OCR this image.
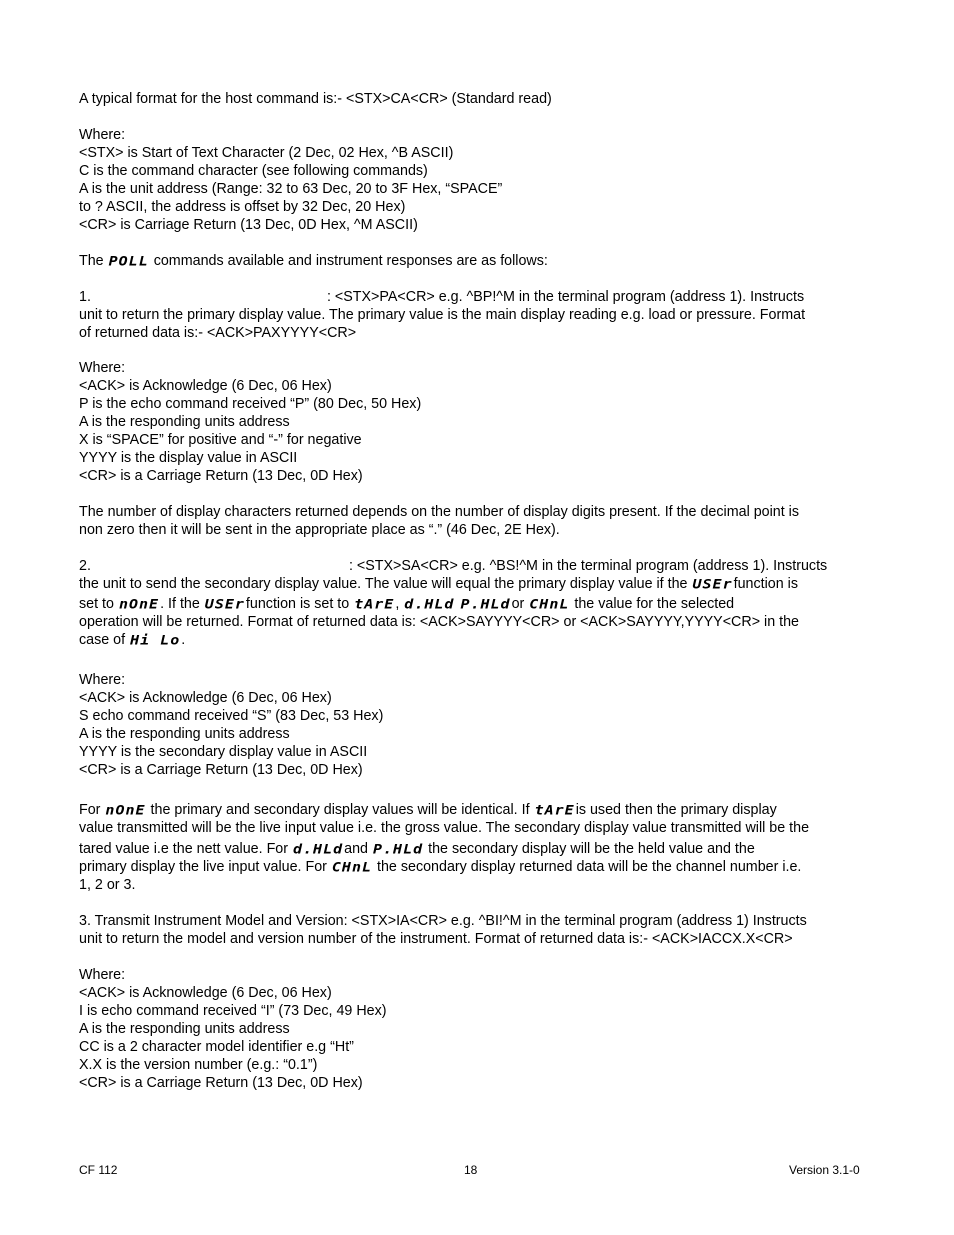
A typical format for the host command is:- <STX>CA<CR> (Standard read)
Where:
<STX> is Start of Text Character (2 Dec, 02 Hex, ^B ASCII)
C is the command character (see following commands)
A is the unit address (Range: 32 to 63 Dec, 20 to 3F Hex, “SPACE”
to ? ASCII, the address is offset by 32 Dec, 20 Hex)
<CR> is Carriage Return (13 Dec, 0D Hex, ^M ASCII)
Where:
<ACK> is Acknowledge (6 Dec, 06 Hex)
P is the echo command received “P” (80 Dec, 50 Hex)
A is the responding units address
X is “SPACE” for positive and “-” for negative
YYYY is the display value in ASCII
<CR> is a Carriage Return (13 Dec, 0D Hex)
The number of display characters returned depends on the number of display digits present. If the decimal point is
non zero then it will be sent in the appropriate place as “.” (46 Dec, 2E Hex).
operation will be returned. Format of returned data is: <ACK>SAYYYY<CR> or <ACK>SAYYYY,YYYY<CR> in the
Where:
<ACK> is Acknowledge (6 Dec, 06 Hex)
S echo command received “S” (83 Dec, 53 Hex)
A is the responding units address
YYYY is the secondary display value in ASCII
<CR> is a Carriage Return (13 Dec, 0D Hex)
value transmitted will be the live input value i.e. the gross value. The secondary display value transmitted will be the
1, 2 or 3.
3. Transmit Instrument Model and Version: <STX>IA<CR> e.g. ^BI!^M in the terminal program (address 1) Instructs
unit to return the model and version number of the instrument. Format of returned data is:- <ACK>IACCX.X<CR>
Where:
<ACK> is Acknowledge (6 Dec, 06 Hex)
I is echo command received “I” (73 Dec, 49 Hex)
A is the responding units address
CC is a 2 character model identifier e.g “Ht”
X.X is the version number (e.g.: “0.1”)
<CR> is a Carriage Return (13 Dec, 0D Hex)
The POLL commands available and instrument responses are as follows:
1.	: <STX>PA<CR> e.g. ^BP!^M in the terminal program (address 1). Instructs
unit to return the primary display value. The primary value is the main display reading e.g. load or pressure. Format
of returned data is:- <ACK>PAXYYYY<CR>
2.	: <STX>SA<CR> e.g. ^BS!^M in the terminal program (address 1). Instructs
the unit to send the secondary display value. The value will equal the primary display value if the USErfunction is
set to nOnE. If the USErfunction is set to tArE, d.HLd P.HLdor CHnL the value for the selected
case of Hi Lo.
For nOnE the primary and secondary display values will be identical. If tArEis used then the primary display
tared value i.e the nett value. For d.HLdand P.HLd the secondary display will be the held value and the
primary display the live input value. For CHnL the secondary display returned data will be the channel number i.e.
CF 112	18	Version 3.1-0
